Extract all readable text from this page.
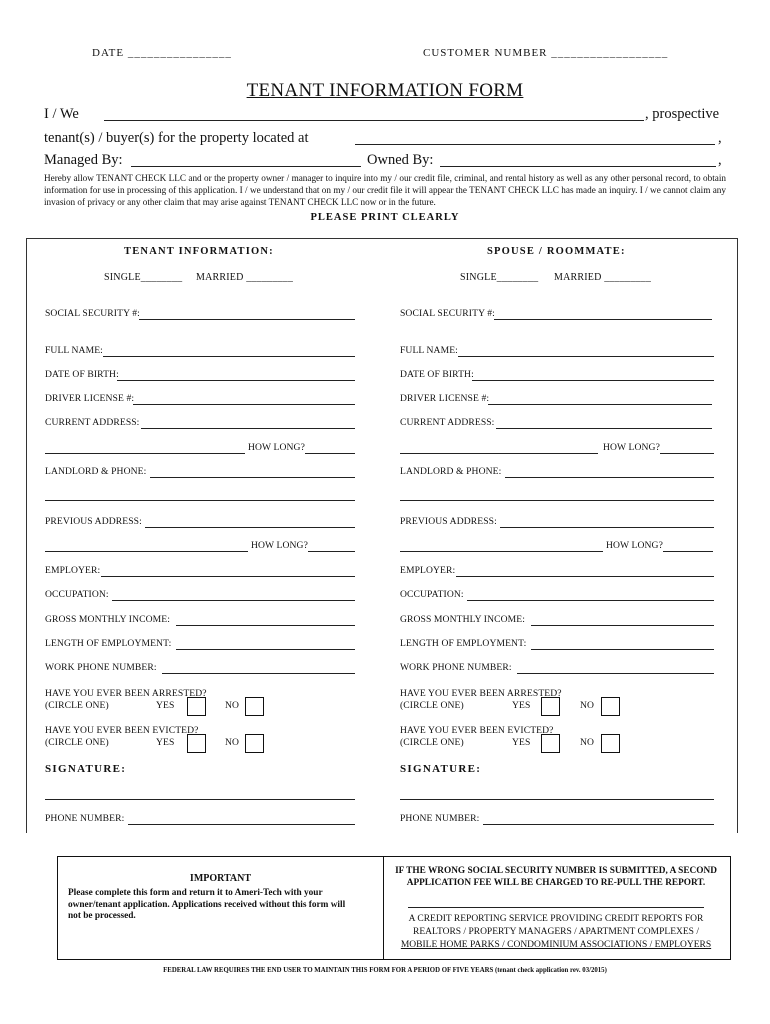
DATE ________________	CUSTOMER NUMBER __________________
TENANT INFORMATION FORM
I / We	, prospective
tenant(s) / buyer(s) for the property located at	,
Managed By:	Owned By:	,
Hereby allow TENANT CHECK LLC and or the property owner / manager to inquire into my / our credit file, criminal, and rental history as well as any other personal record, to obtain information for use in processing of this application. I / we understand that on my / our credit file it will appear the TENANT CHECK LLC has made an inquiry. I / we cannot claim any invasion of privacy or any other claim that may arise against TENANT CHECK LLC now or in the future.
PLEASE PRINT CLEARLY
TENANT INFORMATION:
SINGLE________ MARRIED _________
SOCIAL SECURITY #:
FULL NAME:
DATE OF BIRTH:
DRIVER LICENSE #:
CURRENT ADDRESS:
HOW LONG?
LANDLORD & PHONE:
PREVIOUS ADDRESS:
HOW LONG?
EMPLOYER:
OCCUPATION:
GROSS MONTHLY INCOME:
LENGTH OF EMPLOYMENT:
WORK PHONE NUMBER:
HAVE YOU EVER BEEN ARRESTED?
(CIRCLE ONE)	YES	NO
HAVE YOU EVER BEEN EVICTED?
(CIRCLE ONE)	YES	NO
SIGNATURE:
PHONE NUMBER:
SPOUSE / ROOMMATE:
SINGLE________ MARRIED _________
SOCIAL SECURITY #:
FULL NAME:
DATE OF BIRTH:
DRIVER LICENSE #:
CURRENT ADDRESS:
HOW LONG?
LANDLORD & PHONE:
PREVIOUS ADDRESS:
HOW LONG?
EMPLOYER:
OCCUPATION:
GROSS MONTHLY INCOME:
LENGTH OF EMPLOYMENT:
WORK PHONE NUMBER:
HAVE YOU EVER BEEN ARRESTED?
(CIRCLE ONE)	YES	NO
HAVE YOU EVER BEEN EVICTED?
(CIRCLE ONE)	YES	NO
SIGNATURE:
PHONE NUMBER:
IMPORTANT
Please complete this form and return it to Ameri-Tech with your owner/tenant application. Applications received without this form will not be processed.
IF THE WRONG SOCIAL SECURITY NUMBER IS SUBMITTED, A SECOND APPLICATION FEE WILL BE CHARGED TO RE-PULL THE REPORT.
A CREDIT REPORTING SERVICE PROVIDING CREDIT REPORTS FOR
REALTORS / PROPERTY MANAGERS / APARTMENT COMPLEXES /
MOBILE HOME PARKS / CONDOMINIUM ASSOCIATIONS / EMPLOYERS
FEDERAL LAW REQUIRES THE END USER TO MAINTAIN THIS FORM FOR A PERIOD OF FIVE YEARS (tenant check application rev. 03/2015)
